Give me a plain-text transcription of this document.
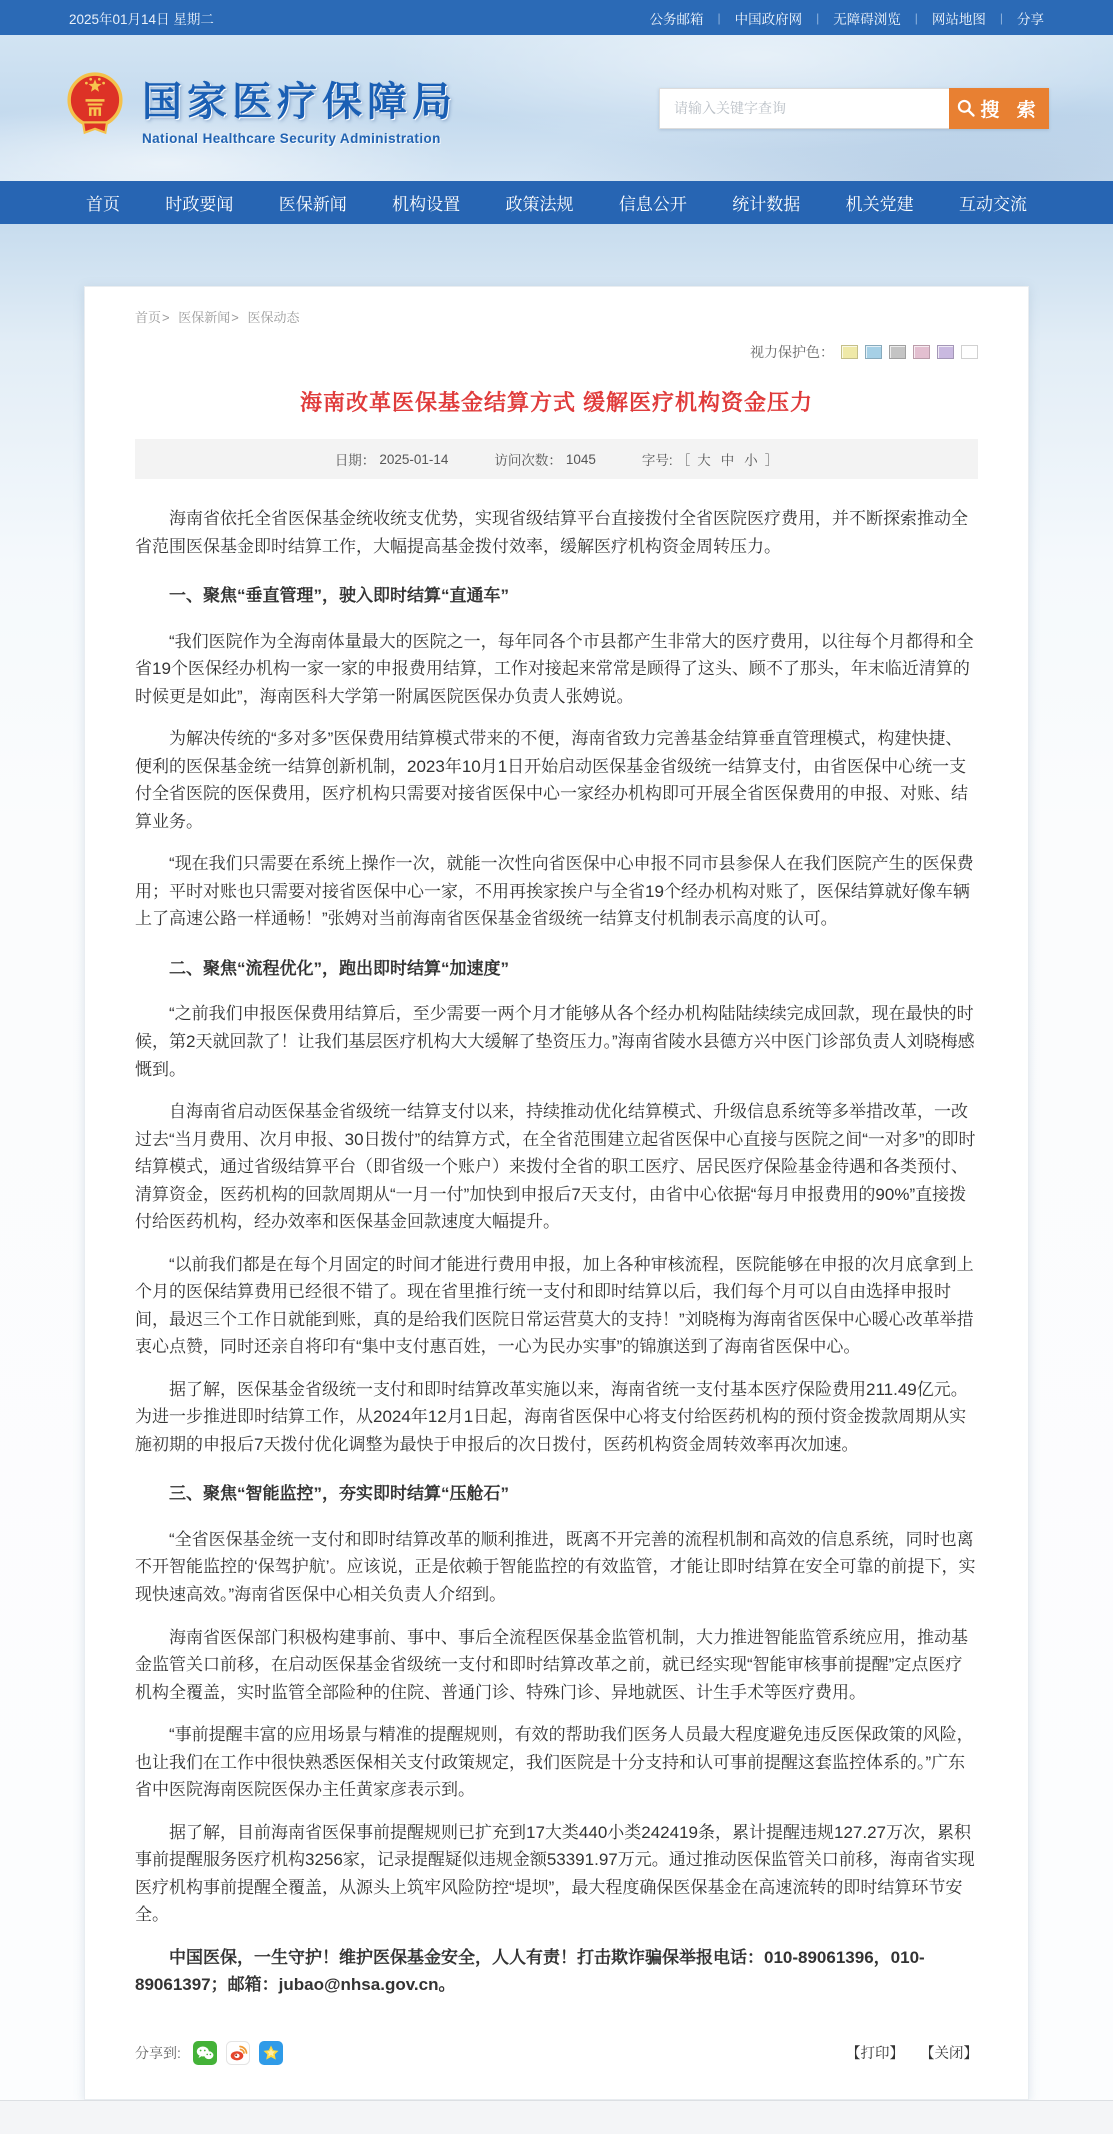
2025年01月14日 星期二	公务邮箱 | 中国政府网 | 无障碍浏览 | 网站地图 | 分享
国家医疗保障局
National Healthcare Security Administration
请输入关键字查询
搜 索
首页	时政要闻	医保新闻	机构设置	政策法规	信息公开	统计数据	机关党建	互动交流
首页> 医保新闻> 医保动态
视力保护色：
海南改革医保基金结算方式 缓解医疗机构资金压力
日期： 2025-01-14	访问次数： 1045	字号: ［ 大 中 小 ］

海南省依托全省医保基金统收统支优势，实现省级结算平台直接拨付全省医院医疗费用，并不断探索推动全省范围医保基金即时结算工作，大幅提高基金拨付效率，缓解医疗机构资金周转压力。

一、聚焦“垂直管理”，驶入即时结算“直通车”

“我们医院作为全海南体量最大的医院之一，每年同各个市县都产生非常大的医疗费用，以往每个月都得和全省19个医保经办机构一家一家的申报费用结算，工作对接起来常常是顾得了这头、顾不了那头，年末临近清算的时候更是如此”，海南医科大学第一附属医院医保办负责人张娉说。

为解决传统的“多对多”医保费用结算模式带来的不便，海南省致力完善基金结算垂直管理模式，构建快捷、便利的医保基金统一结算创新机制，2023年10月1日开始启动医保基金省级统一结算支付，由省医保中心统一支付全省医院的医保费用，医疗机构只需要对接省医保中心一家经办机构即可开展全省医保费用的申报、对账、结算业务。

“现在我们只需要在系统上操作一次，就能一次性向省医保中心申报不同市县参保人在我们医院产生的医保费用；平时对账也只需要对接省医保中心一家，不用再挨家挨户与全省19个经办机构对账了，医保结算就好像车辆上了高速公路一样通畅！”张娉对当前海南省医保基金省级统一结算支付机制表示高度的认可。

二、聚焦“流程优化”，跑出即时结算“加速度”

“之前我们申报医保费用结算后，至少需要一两个月才能够从各个经办机构陆陆续续完成回款，现在最快的时候，第2天就回款了！让我们基层医疗机构大大缓解了垫资压力。”海南省陵水县德方兴中医门诊部负责人刘晓梅感慨到。

自海南省启动医保基金省级统一结算支付以来，持续推动优化结算模式、升级信息系统等多举措改革，一改过去“当月费用、次月申报、30日拨付”的结算方式，在全省范围建立起省医保中心直接与医院之间“一对多”的即时结算模式，通过省级结算平台（即省级一个账户）来拨付全省的职工医疗、居民医疗保险基金待遇和各类预付、清算资金，医药机构的回款周期从“一月一付”加快到申报后7天支付，由省中心依据“每月申报费用的90%”直接拨付给医药机构，经办效率和医保基金回款速度大幅提升。

“以前我们都是在每个月固定的时间才能进行费用申报，加上各种审核流程，医院能够在申报的次月底拿到上个月的医保结算费用已经很不错了。现在省里推行统一支付和即时结算以后，我们每个月可以自由选择申报时间，最迟三个工作日就能到账，真的是给我们医院日常运营莫大的支持！”刘晓梅为海南省医保中心暖心改革举措衷心点赞，同时还亲自将印有“集中支付惠百姓，一心为民办实事”的锦旗送到了海南省医保中心。

据了解，医保基金省级统一支付和即时结算改革实施以来，海南省统一支付基本医疗保险费用211.49亿元。为进一步推进即时结算工作，从2024年12月1日起，海南省医保中心将支付给医药机构的预付资金拨款周期从实施初期的申报后7天拨付优化调整为最快于申报后的次日拨付，医药机构资金周转效率再次加速。

三、聚焦“智能监控”，夯实即时结算“压舱石”

“全省医保基金统一支付和即时结算改革的顺利推进，既离不开完善的流程机制和高效的信息系统，同时也离不开智能监控的‘保驾护航’。应该说，正是依赖于智能监控的有效监管，才能让即时结算在安全可靠的前提下，实现快速高效。”海南省医保中心相关负责人介绍到。

海南省医保部门积极构建事前、事中、事后全流程医保基金监管机制，大力推进智能监管系统应用，推动基金监管关口前移，在启动医保基金省级统一支付和即时结算改革之前，就已经实现“智能审核事前提醒”定点医疗机构全覆盖，实时监管全部险种的住院、普通门诊、特殊门诊、异地就医、计生手术等医疗费用。

“事前提醒丰富的应用场景与精准的提醒规则，有效的帮助我们医务人员最大程度避免违反医保政策的风险，也让我们在工作中很快熟悉医保相关支付政策规定，我们医院是十分支持和认可事前提醒这套监控体系的。”广东省中医院海南医院医保办主任黄家彦表示到。

据了解，目前海南省医保事前提醒规则已扩充到17大类440小类242419条，累计提醒违规127.27万次，累积事前提醒服务医疗机构3256家，记录提醒疑似违规金额53391.97万元。通过推动医保监管关口前移，海南省实现医疗机构事前提醒全覆盖，从源头上筑牢风险防控“堤坝”，最大程度确保医保基金在高速流转的即时结算环节安全。

中国医保，一生守护！维护医保基金安全，人人有责！打击欺诈骗保举报电话：010-89061396，010-89061397；邮箱：jubao@nhsa.gov.cn。

分享到:	【打印】 【关闭】
